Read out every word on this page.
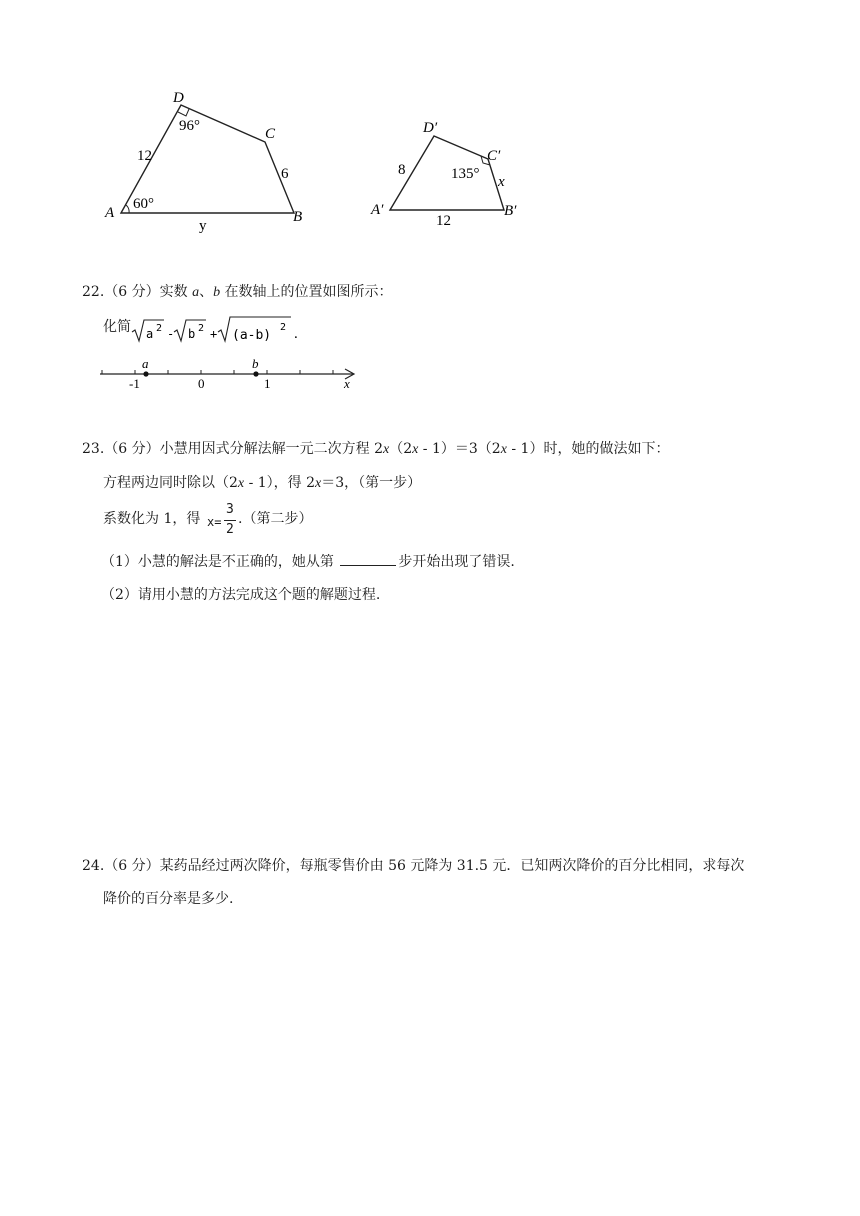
D
96°	C
12
6
60°
A	B
y
D′
C′
8	135° x
A′	B′
12
22.（6 分）实数 a、b 在数轴上的位置如图所示：
化简 a 2 - b 2 + (a-b)
2 .
a	b
-1	0	1	x
23.（6 分）小慧用因式分解法解一元二次方程 2x（2x - 1）＝3（2x - 1）时，她的做法如下：
方程两边同时除以（2x - 1），得 2x＝3，（第一步）
系数化为 1，得 x=
3
2
.（第二步）
（1）小慧的解法是不正确的，她从第	步开始出现了错误.
（2）请用小慧的方法完成这个题的解题过程.
24.（6 分）某药品经过两次降价，每瓶零售价由 56 元降为 31.5 元．已知两次降价的百分比相同，求每次
降价的百分率是多少.
